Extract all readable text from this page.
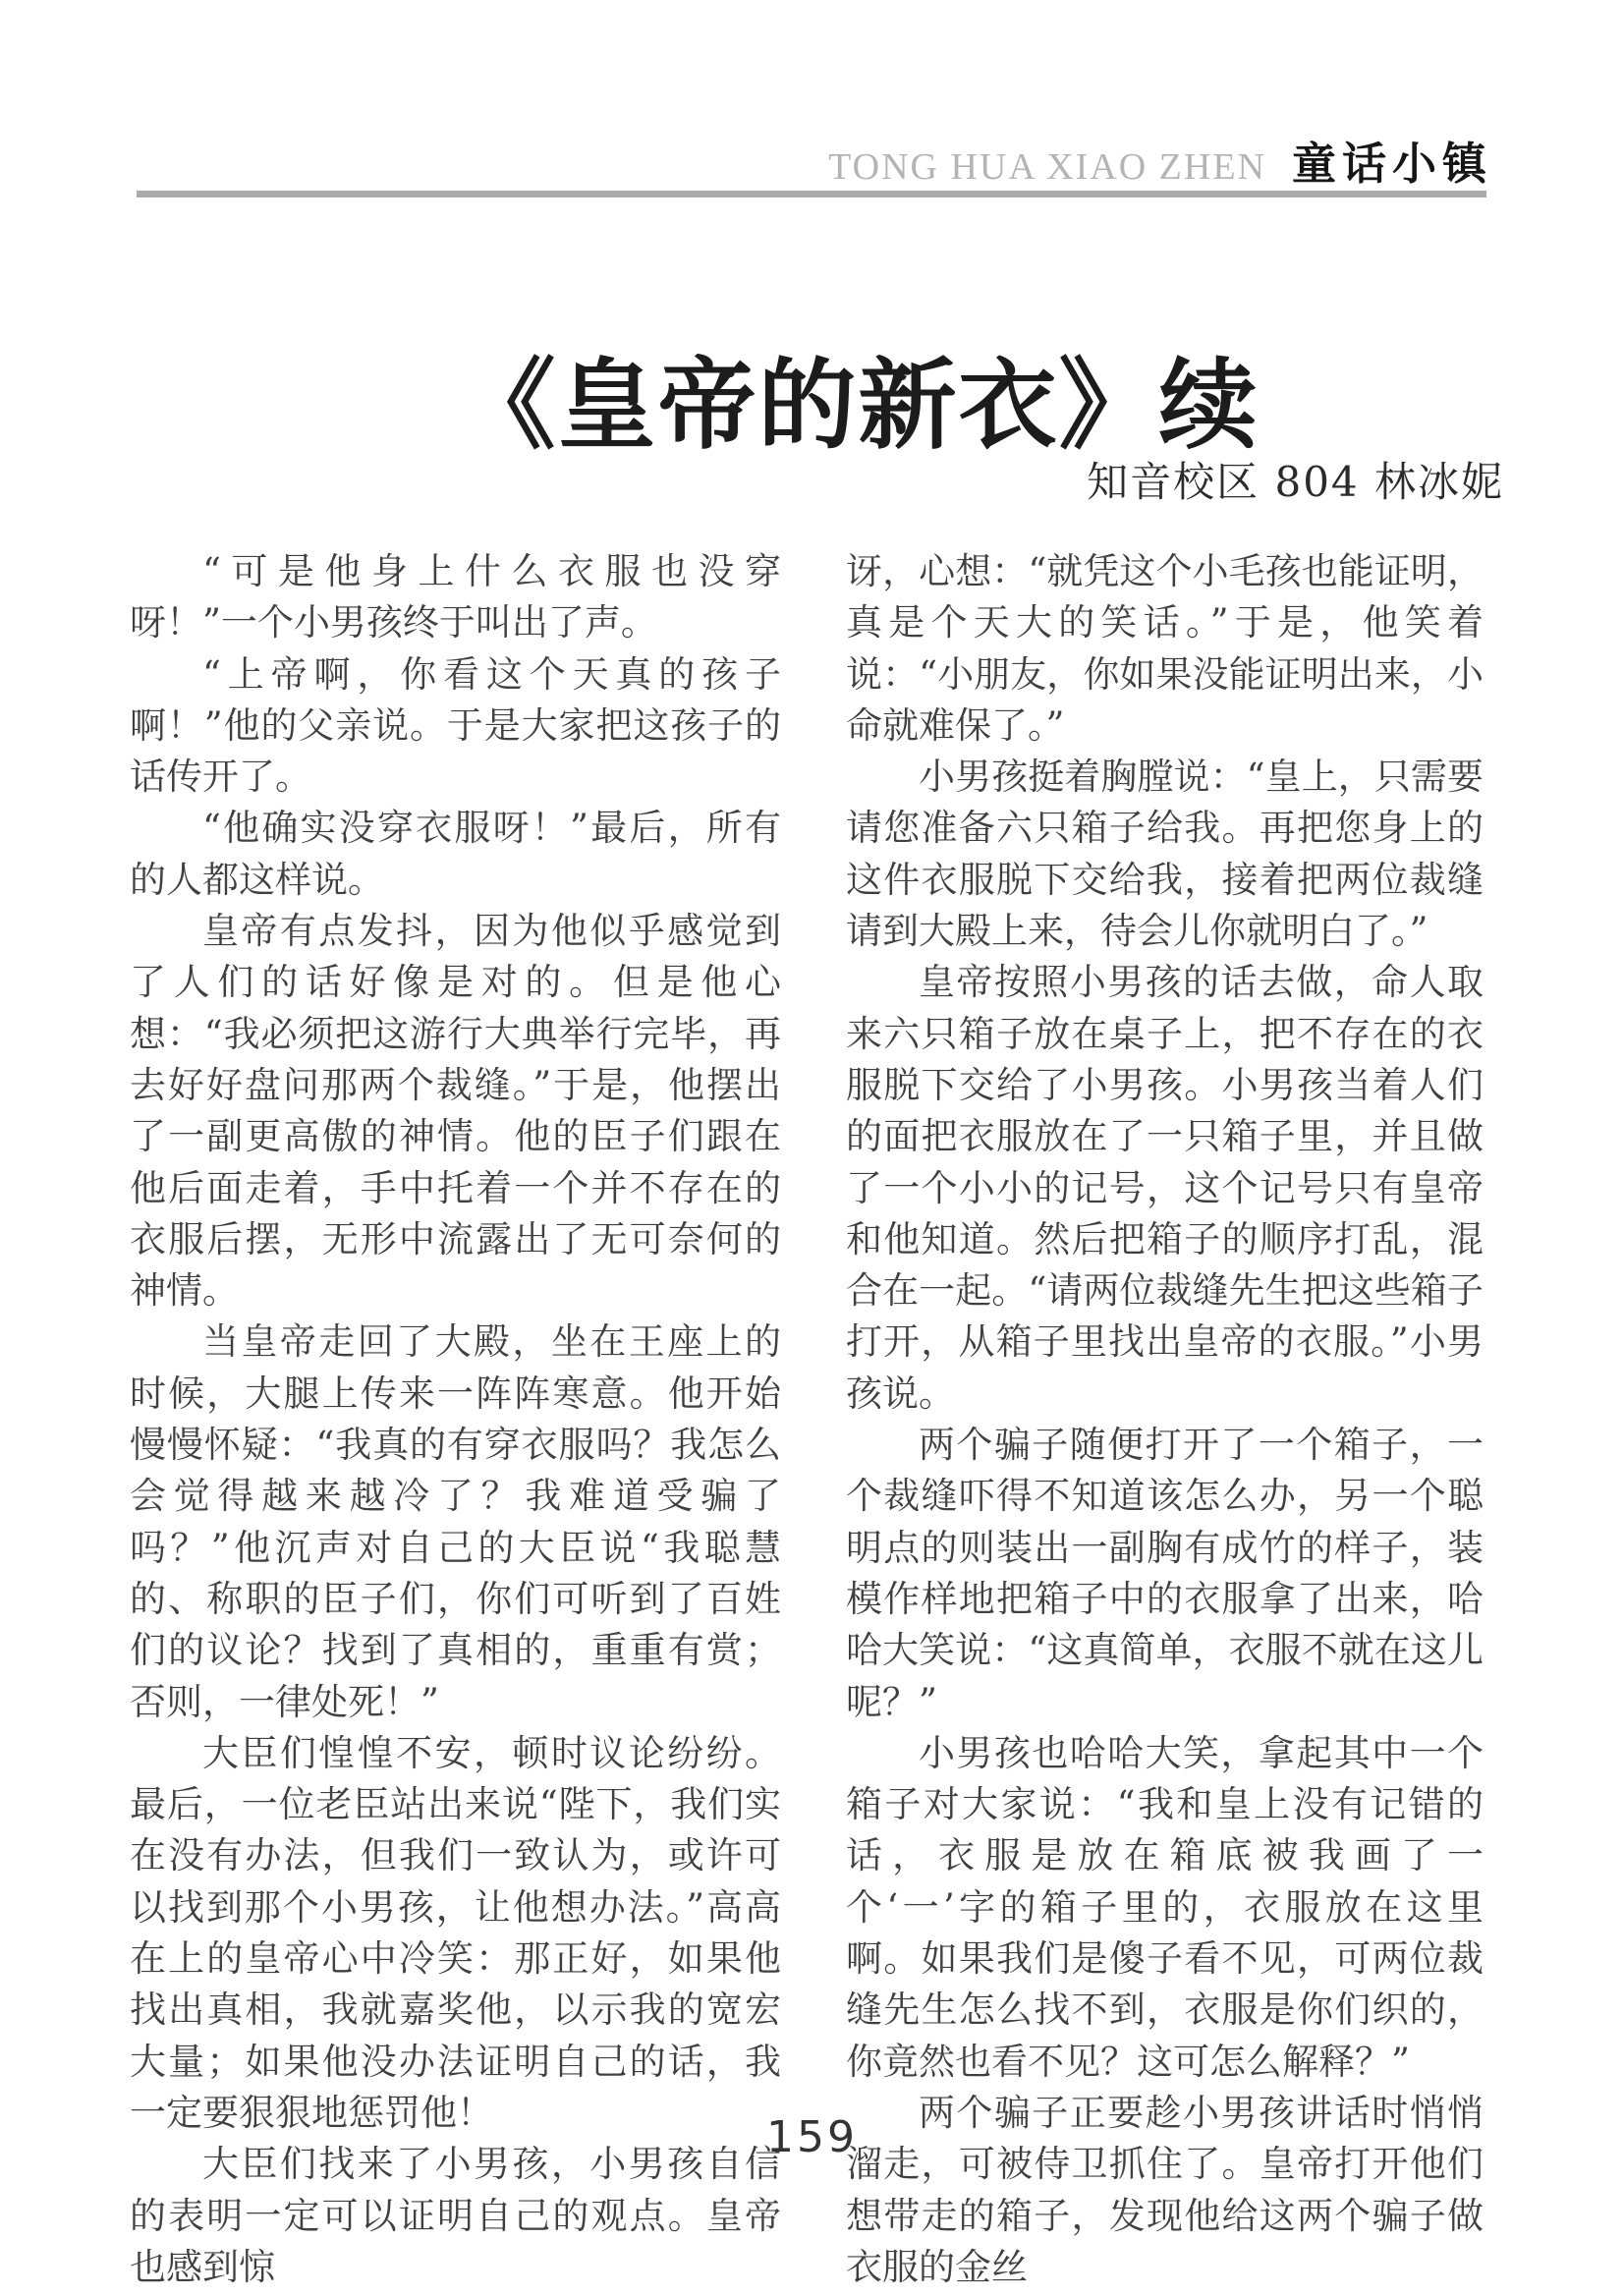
TONG HUA XIAO ZHEN 童话小镇
《皇帝的新衣》续
知音校区 804 林冰妮

“可是他身上什么衣服也没穿呀！”一个小男孩终于叫出了声。

“上帝啊，你看这个天真的孩子啊！”他的父亲说。于是大家把这孩子的话传开了。

“他确实没穿衣服呀！”最后，所有的人都这样说。

皇帝有点发抖，因为他似乎感觉到了人们的话好像是对的。但是他心想：“我必须把这游行大典举行完毕，再去好好盘问那两个裁缝。”于是，他摆出了一副更高傲的神情。他的臣子们跟在他后面走着，手中托着一个并不存在的衣服后摆，无形中流露出了无可奈何的神情。

当皇帝走回了大殿，坐在王座上的时候，大腿上传来一阵阵寒意。他开始慢慢怀疑：“我真的有穿衣服吗？我怎么会觉得越来越冷了？我难道受骗了吗？”他沉声对自己的大臣说“我聪慧的、称职的臣子们，你们可听到了百姓们的议论？找到了真相的，重重有赏；否则，一律处死！”

大臣们惶惶不安，顿时议论纷纷。最后，一位老臣站出来说“陛下，我们实在没有办法，但我们一致认为，或许可以找到那个小男孩，让他想办法。”高高在上的皇帝心中冷笑：那正好，如果他找出真相，我就嘉奖他，以示我的宽宏大量；如果他没办法证明自己的话，我一定要狠狠地惩罚他！

大臣们找来了小男孩，小男孩自信的表明一定可以证明自己的观点。皇帝也感到惊

讶，心想：“就凭这个小毛孩也能证明，真是个天大的笑话。”于是，他笑着说：“小朋友，你如果没能证明出来，小命就难保了。”

小男孩挺着胸膛说：“皇上，只需要请您准备六只箱子给我。再把您身上的这件衣服脱下交给我，接着把两位裁缝请到大殿上来，待会儿你就明白了。”

皇帝按照小男孩的话去做，命人取来六只箱子放在桌子上，把不存在的衣服脱下交给了小男孩。小男孩当着人们的面把衣服放在了一只箱子里，并且做了一个小小的记号，这个记号只有皇帝和他知道。然后把箱子的顺序打乱，混合在一起。“请两位裁缝先生把这些箱子打开，从箱子里找出皇帝的衣服。”小男孩说。

两个骗子随便打开了一个箱子，一个裁缝吓得不知道该怎么办，另一个聪明点的则装出一副胸有成竹的样子，装模作样地把箱子中的衣服拿了出来，哈哈大笑说：“这真简单，衣服不就在这儿呢？”

小男孩也哈哈大笑，拿起其中一个箱子对大家说：“我和皇上没有记错的话，衣服是放在箱底被我画了一个‘一’字的箱子里的，衣服放在这里啊。如果我们是傻子看不见，可两位裁缝先生怎么找不到，衣服是你们织的，你竟然也看不见？这可怎么解释？”

两个骗子正要趁小男孩讲话时悄悄溜走，可被侍卫抓住了。皇帝打开他们想带走的箱子，发现他给这两个骗子做衣服的金丝

159
